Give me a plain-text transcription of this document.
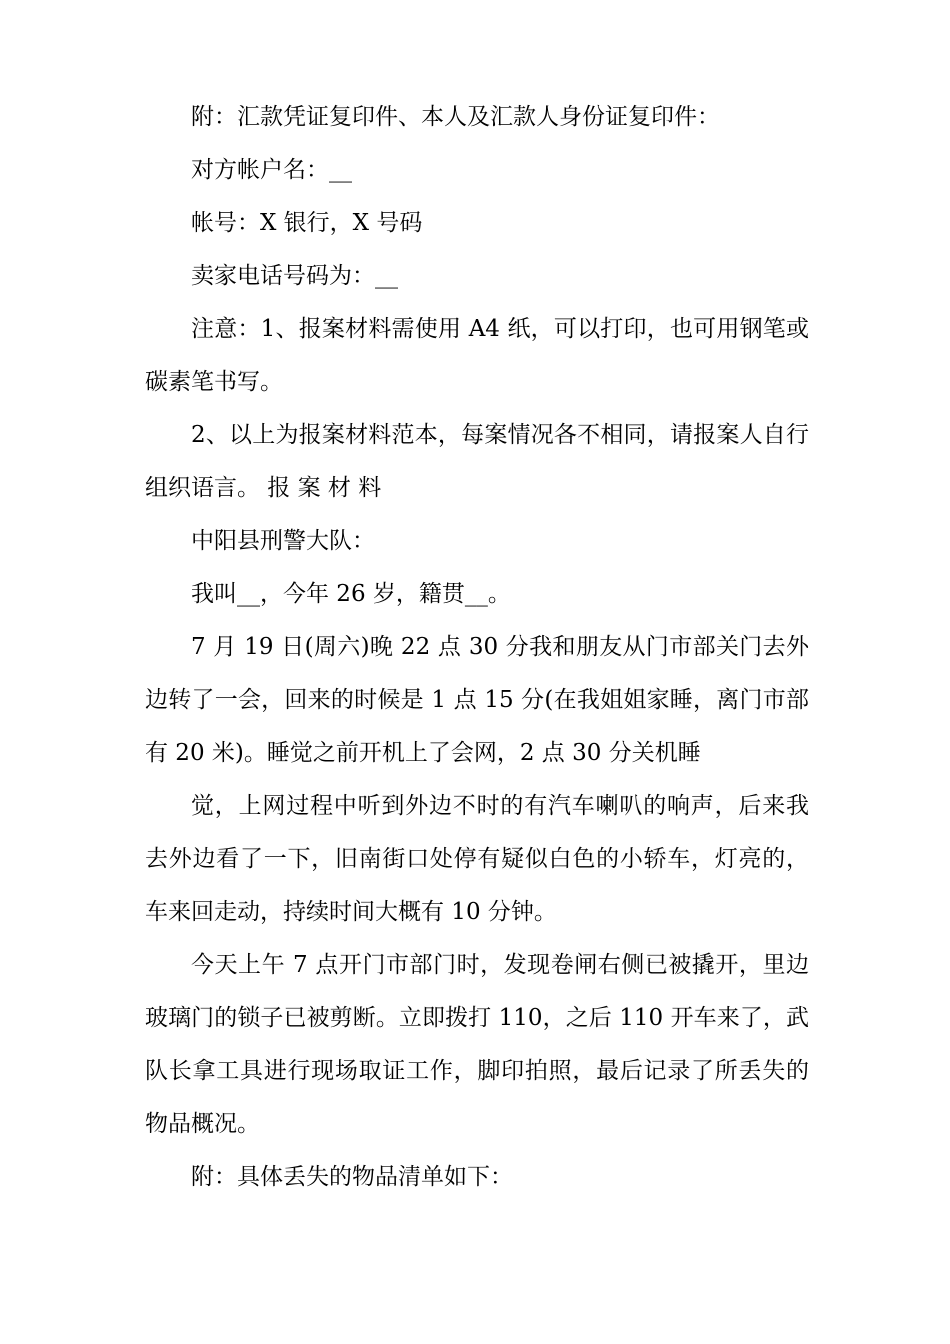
附：汇款凭证复印件、本人及汇款人身份证复印件：

对方帐户名：__

帐号：X 银行，X 号码

卖家电话号码为：__

注意：1、报案材料需使用 A4 纸，可以打印，也可用钢笔或碳素笔书写。

2、以上为报案材料范本，每案情况各不相同，请报案人自行组织语言。 报 案 材 料

中阳县刑警大队：

我叫__，今年 26 岁，籍贯__。

7 月 19 日(周六)晚 22 点 30 分我和朋友从门市部关门去外边转了一会，回来的时候是 1 点 15 分(在我姐姐家睡，离门市部有 20 米)。睡觉之前开机上了会网，2 点 30 分关机睡

觉，上网过程中听到外边不时的有汽车喇叭的响声，后来我去外边看了一下，旧南街口处停有疑似白色的小轿车，灯亮的，车来回走动，持续时间大概有 10 分钟。

今天上午 7 点开门市部门时，发现卷闸右侧已被撬开，里边玻璃门的锁子已被剪断。立即拨打 110，之后 110 开车来了，武队长拿工具进行现场取证工作，脚印拍照，最后记录了所丢失的物品概况。

附：具体丢失的物品清单如下：
